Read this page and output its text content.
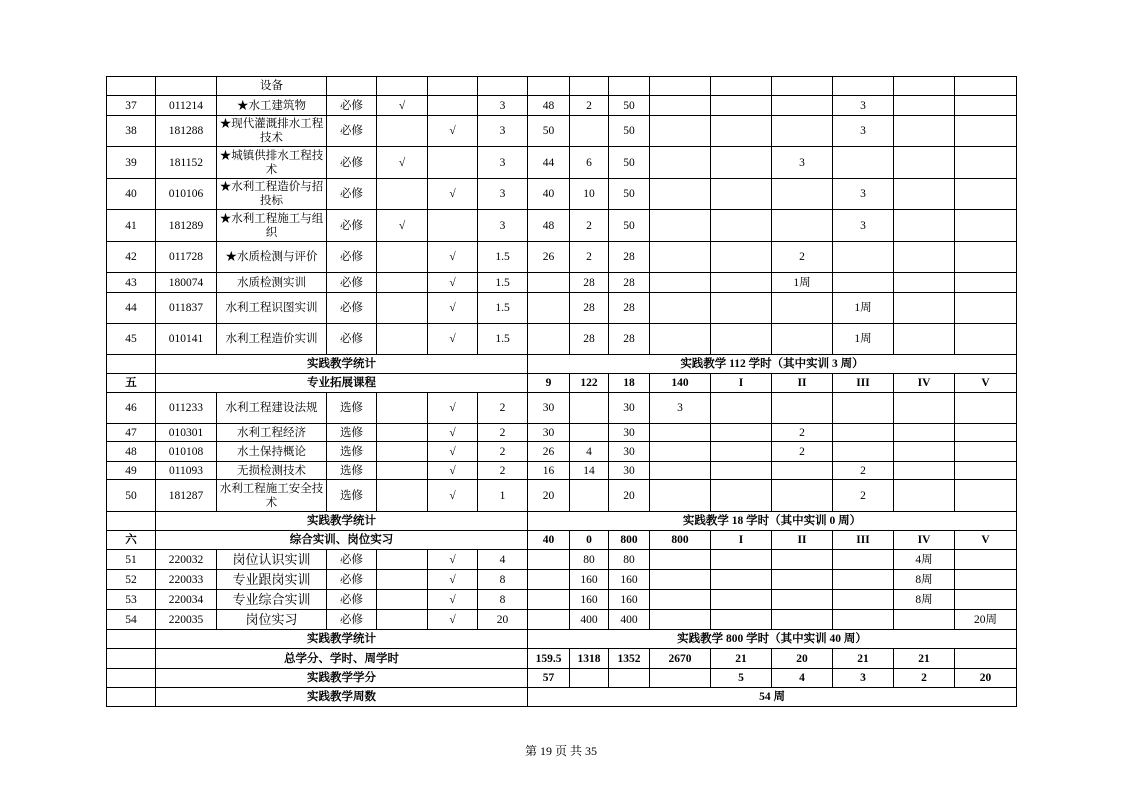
		设备														
37	011214	★水工建筑物	必修	√		3	48	2	50				3			
38	181288	★现代灌溉排水工程技术	必修		√	3	50		50				3			
39	181152	★城镇供排水工程技术	必修	√		3	44	6	50			3				
40	010106	★水利工程造价与招投标	必修		√	3	40	10	50				3			
41	181289	★水利工程施工与组织	必修	√		3	48	2	50				3			
42	011728	★水质检测与评价	必修		√	1.5	26	2	28			2				
43	180074	水质检测实训	必修		√	1.5		28	28			1周				
44	011837	水利工程识图实训	必修		√	1.5		28	28				1周			
45	010141	水利工程造价实训	必修		√	1.5		28	28				1周			
	实践教学统计						实践教学 112 学时（其中实训 3 周）									
五	专业拓展课程						9	122	18	140	I	II	III	IV	V	
46	011233	水利工程建设法规	选修		√	2	30		30	3						
47	010301	水利工程经济	选修		√	2	30		30			2				
48	010108	水土保持概论	选修		√	2	26	4	30			2				
49	011093	无损检测技术	选修		√	2	16	14	30				2			
50	181287	水利工程施工安全技术	选修		√	1	20		20				2			
	实践教学统计						实践教学 18 学时（其中实训 0 周）									
六	综合实训、岗位实习						40	0	800	800	I	II	III	IV	V	
51	220032	岗位认识实训	必修		√	4		80	80					4周		
52	220033	专业跟岗实训	必修		√	8		160	160					8周		
53	220034	专业综合实训	必修		√	8		160	160					8周		
54	220035	岗位实习	必修		√	20		400	400						20周	
	实践教学统计						实践教学 800 学时（其中实训 40 周）									
	总学分、学时、周学时						159.5	1318	1352	2670	21	20	21	21		
	实践教学学分						57				5	4	3	2	20	
	实践教学周数						54 周									
第 19 页 共 35
